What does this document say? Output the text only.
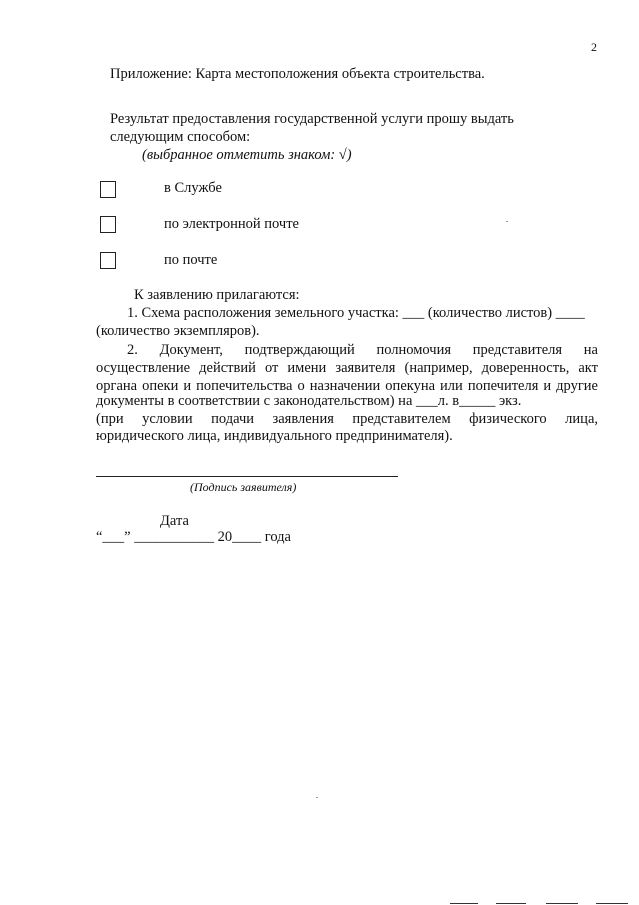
2
Приложение: Карта местоположения объекта строительства.
Результат предоставления государственной услуги прошу выдать
следующим способом:
(выбранное отметить знаком: √)
в Службе
по электронной почте
по почте
К заявлению прилагаются:
1. Схема расположения земельного участка: ___ (количество листов) ____
(количество экземпляров).
2. Документ, подтверждающий полномочия представителя на
осуществление действий от имени заявителя (например, доверенность, акт
органа опеки и попечительства о назначении опекуна или попечителя и другие
документы в соответствии с законодательством) на ___л. в_____ экз.
(при условии подачи заявления представителем физического лица,
юридического лица, индивидуального предпринимателя).
(Подпись заявителя)
Дата
“___” ___________ 20____ года
